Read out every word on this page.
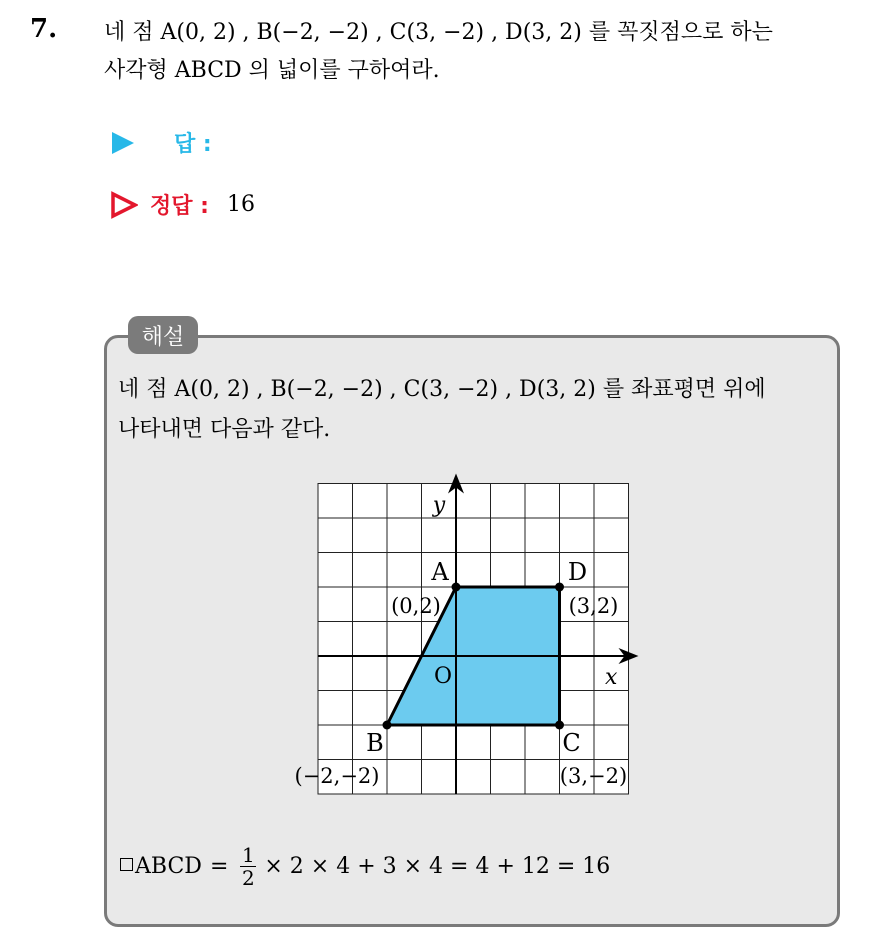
7. 네 점 A(0, 2) , B(−2, −2) , C(3, −2) , D(3, 2) 를 꼭짓점으로 하는
사각형 ABCD 의 넓이를 구하여라.
답 :
정답 : 16
해설
네 점 A(0, 2) , B(−2, −2) , C(3, −2) , D(3, 2) 를 좌표평면 위에
나타내면 다음과 같다.
x
y
O
A
(0,2)
B
(−2,−2)
C
(3,−2)
D
(3,2)
ABCD = $\frac{1}{2} \times 2 \times 4 + 3 \times 4 = 4 + 12 = 16$
